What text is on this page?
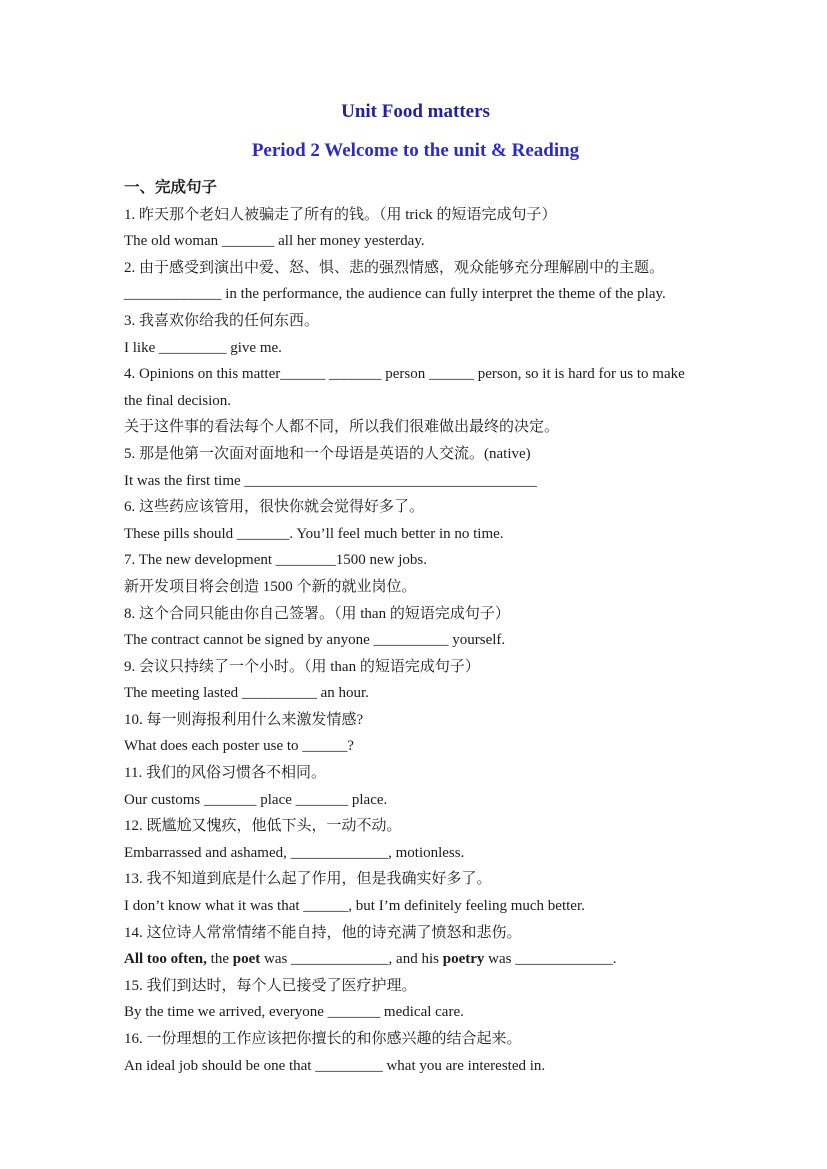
Unit Food matters
Period 2 Welcome to the unit & Reading
一、完成句子
1. 昨天那个老妇人被骗走了所有的钱。（用 trick 的短语完成句子）
The old woman _______ all her money yesterday.
2. 由于感受到演出中爱、怒、惧、悲的强烈情感，观众能够充分理解剧中的主题。
_____________ in the performance, the audience can fully interpret the theme of the play.
3. 我喜欢你给我的任何东西。
I like _________ give me.
4. Opinions on this matter______ _______ person ______ person, so it is hard for us to make
the final decision.
关于这件事的看法每个人都不同，所以我们很难做出最终的决定。
5. 那是他第一次面对面地和一个母语是英语的人交流。(native)
It was the first time _______________________________________
6. 这些药应该管用，很快你就会觉得好多了。
These pills should _______. You’ll feel much better in no time.
7. The new development ________1500 new jobs.
新开发项目将会创造 1500 个新的就业岗位。
8. 这个合同只能由你自己签署。（用 than 的短语完成句子）
The contract cannot be signed by anyone __________ yourself.
9. 会议只持续了一个小时。（用 than 的短语完成句子）
The meeting lasted __________ an hour.
10. 每一则海报利用什么来激发情感?
What does each poster use to ______?
11. 我们的风俗习惯各不相同。
Our customs _______ place _______ place.
12. 既尴尬又愧疚，他低下头，一动不动。
Embarrassed and ashamed, _____________, motionless.
13. 我不知道到底是什么起了作用，但是我确实好多了。
I don’t know what it was that ______, but I’m definitely feeling much better.
14. 这位诗人常常情绪不能自持，他的诗充满了愤怒和悲伤。
All too often, the poet was _____________, and his poetry was _____________.
15. 我们到达时，每个人已接受了医疗护理。
By the time we arrived, everyone _______ medical care.
16. 一份理想的工作应该把你擅长的和你感兴趣的结合起来。
An ideal job should be one that _________ what you are interested in.
